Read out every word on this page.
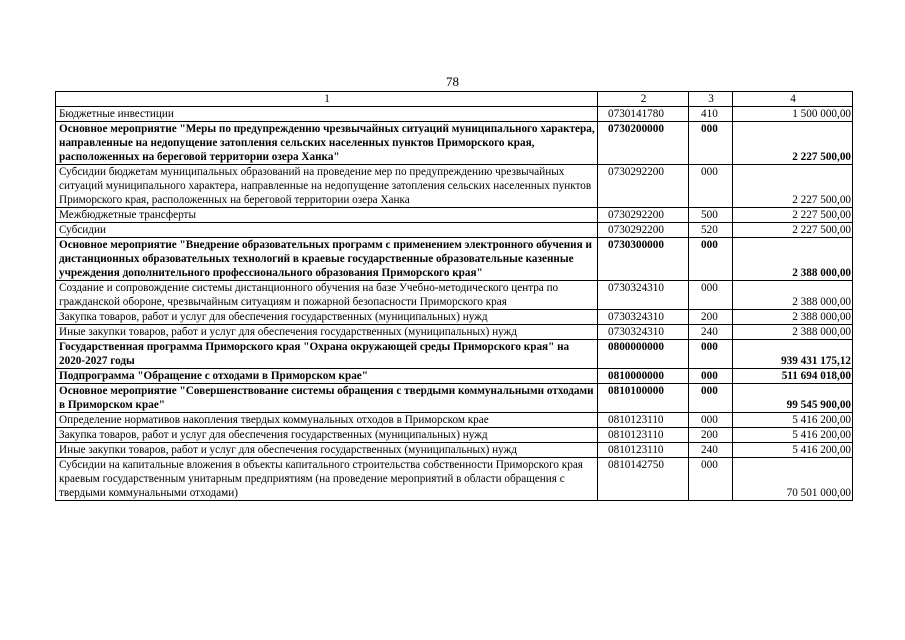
78
1	2	3	4
Бюджетные инвестиции	0730141780	410	1 500 000,00
Основное мероприятие "Меры по предупреждению чрезвычайных ситуаций муниципального характера, направленные на недопущение затопления сельских населенных пунктов Приморского края, расположенных на береговой территории озера Ханка"	0730200000	000	2 227 500,00
Субсидии бюджетам муниципальных образований на проведение мер по предупреждению чрезвычайных ситуаций муниципального характера, направленные на недопущение затопления сельских населенных пунктов Приморского края, расположенных на береговой территории озера Ханка	0730292200	000	2 227 500,00
Межбюджетные трансферты	0730292200	500	2 227 500,00
Субсидии	0730292200	520	2 227 500,00
Основное мероприятие "Внедрение образовательных программ с применением электронного обучения и дистанционных образовательных технологий в краевые государственные образовательные казенные учреждения дополнительного профессионального образования Приморского края"	0730300000	000	2 388 000,00
Создание и сопровождение системы дистанционного обучения на базе Учебно-методического центра по гражданской обороне, чрезвычайным ситуациям и пожарной безопасности Приморского края	0730324310	000	2 388 000,00
Закупка товаров, работ и услуг для обеспечения государственных (муниципальных) нужд	0730324310	200	2 388 000,00
Иные закупки товаров, работ и услуг для обеспечения государственных (муниципальных) нужд	0730324310	240	2 388 000,00
Государственная программа Приморского края "Охрана окружающей среды Приморского края" на 2020-2027 годы	0800000000	000	939 431 175,12
Подпрограмма "Обращение с отходами в Приморском крае"	0810000000	000	511 694 018,00
Основное мероприятие "Совершенствование системы обращения с твердыми коммунальными отходами в Приморском крае"	0810100000	000	99 545 900,00
Определение нормативов накопления твердых коммунальных отходов в Приморском крае	0810123110	000	5 416 200,00
Закупка товаров, работ и услуг для обеспечения государственных (муниципальных) нужд	0810123110	200	5 416 200,00
Иные закупки товаров, работ и услуг для обеспечения государственных (муниципальных) нужд	0810123110	240	5 416 200,00
Субсидии на капитальные вложения в объекты капитального строительства собственности Приморского края краевым государственным унитарным предприятиям (на проведение мероприятий в области обращения с твердыми коммунальными отходами)	0810142750	000	70 501 000,00
